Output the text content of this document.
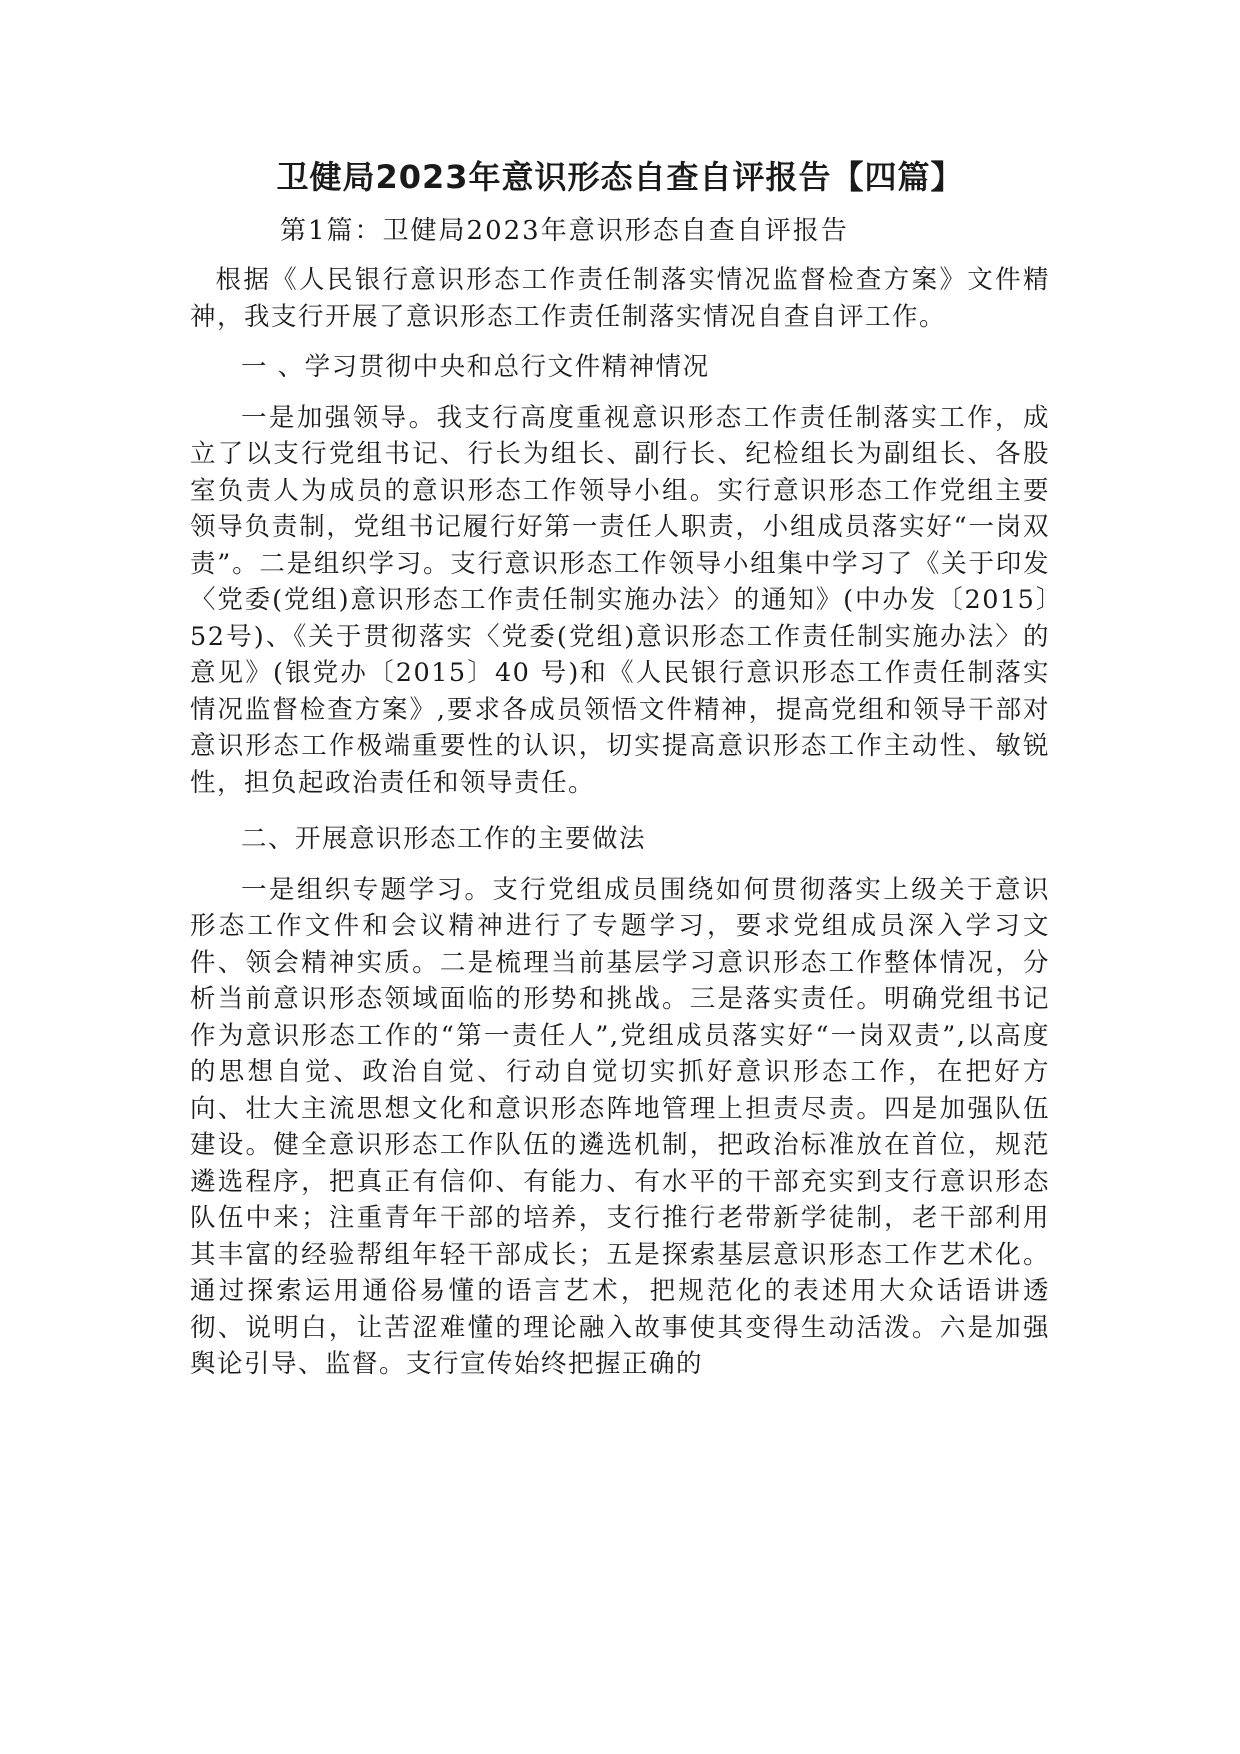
卫健局2023年意识形态自查自评报告【四篇】

第1篇：卫健局2023年意识形态自查自评报告

根据《人民银行意识形态工作责任制落实情况监督检查方案》文件精神，我支行开展了意识形态工作责任制落实情况自查自评工作。

一 、学习贯彻中央和总行文件精神情况

一是加强领导。我支行高度重视意识形态工作责任制落实工作，成立了以支行党组书记、行长为组长、副行长、纪检组长为副组长、各股室负责人为成员的意识形态工作领导小组。实行意识形态工作党组主要领导负责制，党组书记履行好第一责任人职责，小组成员落实好“一岗双责”。二是组织学习。支行意识形态工作领导小组集中学习了《关于印发〈党委(党组)意识形态工作责任制实施办法〉的通知》(中办发〔2015〕52号)、《关于贯彻落实〈党委(党组)意识形态工作责任制实施办法〉的意见》(银党办〔2015〕40 号)和《人民银行意识形态工作责任制落实情况监督检查方案》,要求各成员领悟文件精神，提高党组和领导干部对意识形态工作极端重要性的认识，切实提高意识形态工作主动性、敏锐性，担负起政治责任和领导责任。

二、开展意识形态工作的主要做法

一是组织专题学习。支行党组成员围绕如何贯彻落实上级关于意识形态工作文件和会议精神进行了专题学习，要求党组成员深入学习文件、领会精神实质。二是梳理当前基层学习意识形态工作整体情况，分析当前意识形态领域面临的形势和挑战。三是落实责任。明确党组书记作为意识形态工作的“第一责任人”,党组成员落实好“一岗双责”,以高度的思想自觉、政治自觉、行动自觉切实抓好意识形态工作，在把好方向、壮大主流思想文化和意识形态阵地管理上担责尽责。四是加强队伍建设。健全意识形态工作队伍的遴选机制，把政治标准放在首位，规范遴选程序，把真正有信仰、有能力、有水平的干部充实到支行意识形态队伍中来；注重青年干部的培养，支行推行老带新学徒制，老干部利用其丰富的经验帮组年轻干部成长；五是探索基层意识形态工作艺术化。通过探索运用通俗易懂的语言艺术，把规范化的表述用大众话语讲透彻、说明白，让苦涩难懂的理论融入故事使其变得生动活泼。六是加强舆论引导、监督。支行宣传始终把握正确的
